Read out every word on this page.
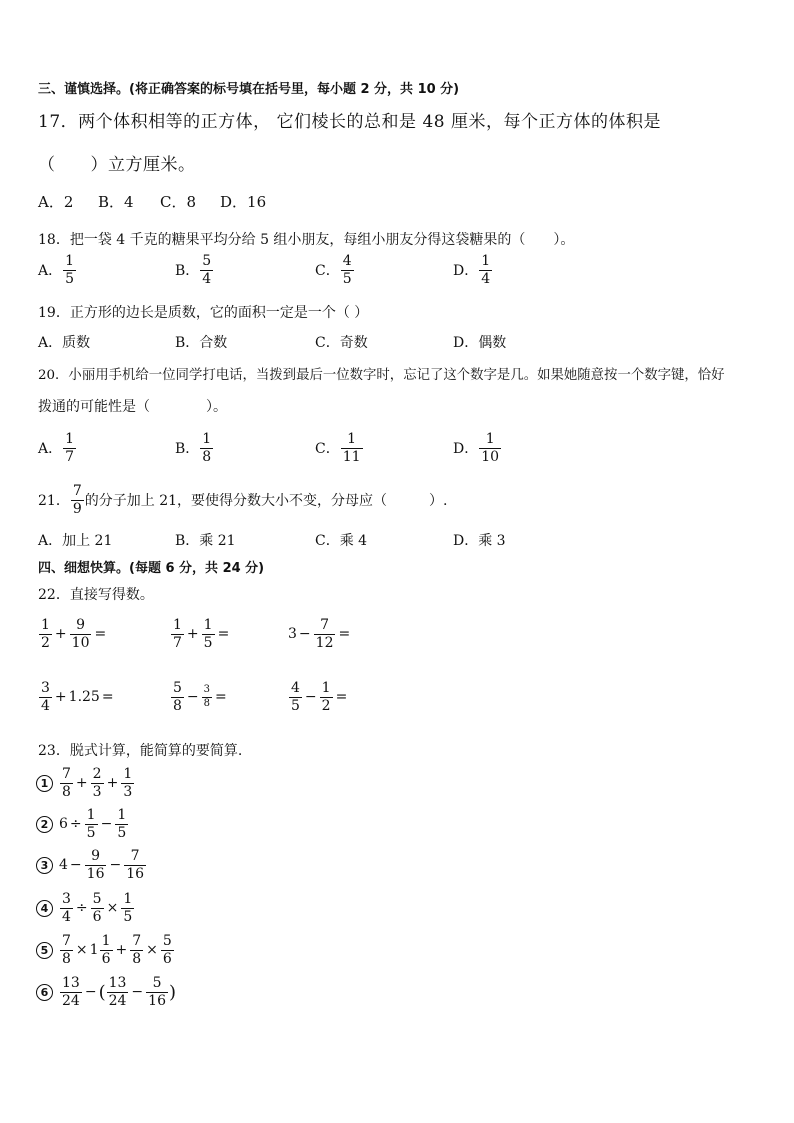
三、谨慎选择。(将正确答案的标号填在括号里，每小题 2 分，共 10 分)
17．两个体积相等的正方体， 它们棱长的总和是 48 厘米，每个正方体的体积是
（　　）立方厘米。
A．2 B．4 C．8 D．16
18．把一袋 4 千克的糖果平均分给 5 组小朋友，每组小朋友分得这袋糖果的（　　）。
A． $\frac{1}{5}$	B． $\frac{5}{4}$	C． $\frac{4}{5}$	D． $\frac{1}{4}$
19．正方形的边长是质数，它的面积一定是一个（ ）
A．质数	B．合数	C．奇数	D．偶数
20．小丽用手机给一位同学打电话，当拨到最后一位数字时，忘记了这个数字是几。如果她随意按一个数字键，恰好
拨通的可能性是（　　　　）。
A． $\frac{1}{7}$	B． $\frac{1}{8}$	C． $\frac{1}{11}$	D． $\frac{1}{10}$
21． $\frac{7}{9}$ 的分子加上 21，要使得分数大小不变，分母应（　　　）.
A．加上 21	B．乘 21	C．乘 4	D．乘 3
四、细想快算。(每题 6 分，共 24 分)
22．直接写得数。
$\frac{1}{2} + \frac{9}{10}$ =	$\frac{1}{7} + \frac{1}{5}$ =	$3 - \frac{7}{12}$ =
$\frac{3}{4} + 1.25$ =	$\frac{5}{8} - \frac{3}{8}$ =	$\frac{4}{5} - \frac{1}{2}$ =
23．脱式计算，能简算的要简算.
$1 \frac{7}{8} + \frac{2}{3} + \frac{1}{3}$
2 $6 \div \frac{1}{5} - \frac{1}{5}$
3 $4 - \frac{9}{16} - \frac{7}{16}$
$4 \frac{3}{4} \div \frac{5}{6} \times \frac{1}{5}$
$5 \frac{7}{8} \times 1 \frac{1}{6} + \frac{7}{8} \times \frac{5}{6}$
$6 \frac{13}{24}$ − ( $\frac{13}{24} - \frac{5}{16}$ )
